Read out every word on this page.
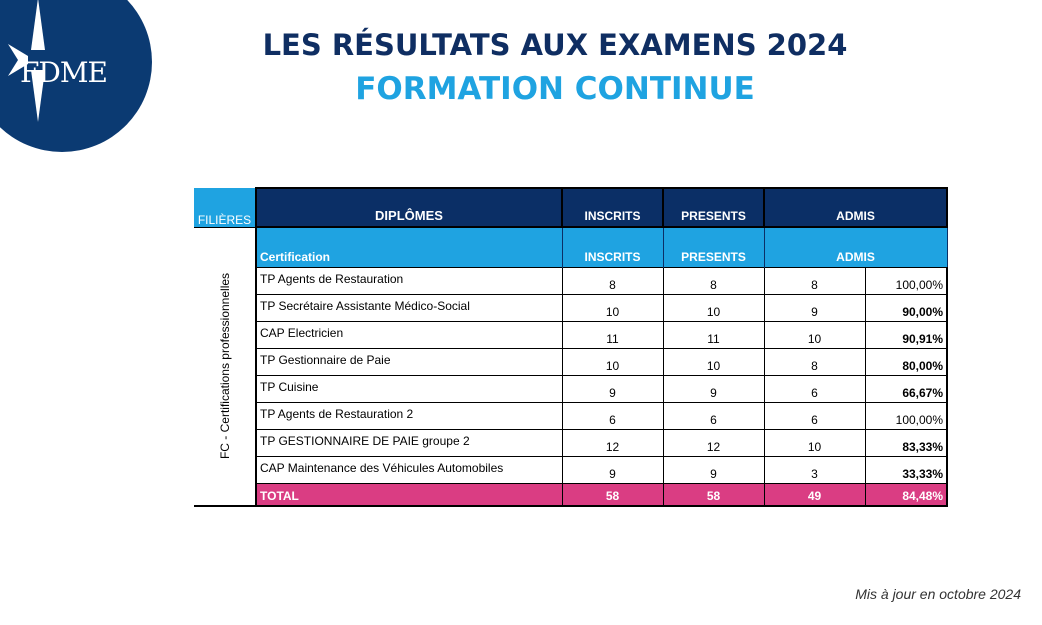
FDME
LES RÉSULTATS AUX EXAMENS 2024
FORMATION CONTINUE
FILIÈRES	DIPLÔMES	INSCRITS	PRESENTS	ADMIS	

FC - Certifications professionnelles	Certification	INSCRITS	PRESENTS	ADMIS	
	TP Agents de Restauration	8	8	8	100,00%
	TP Secrétaire Assistante Médico-Social	10	10	9	90,00%
	CAP Electricien	11	11	10	90,91%
	TP Gestionnaire de Paie	10	10	8	80,00%
	TP Cuisine	9	9	6	66,67%
	TP Agents de Restauration 2	6	6	6	100,00%
	TP GESTIONNAIRE DE PAIE groupe 2	12	12	10	83,33%
	CAP Maintenance des Véhicules Automobiles	9	9	3	33,33%
	TOTAL	58	58	49	84,48%
Mis à jour en octobre 2024
